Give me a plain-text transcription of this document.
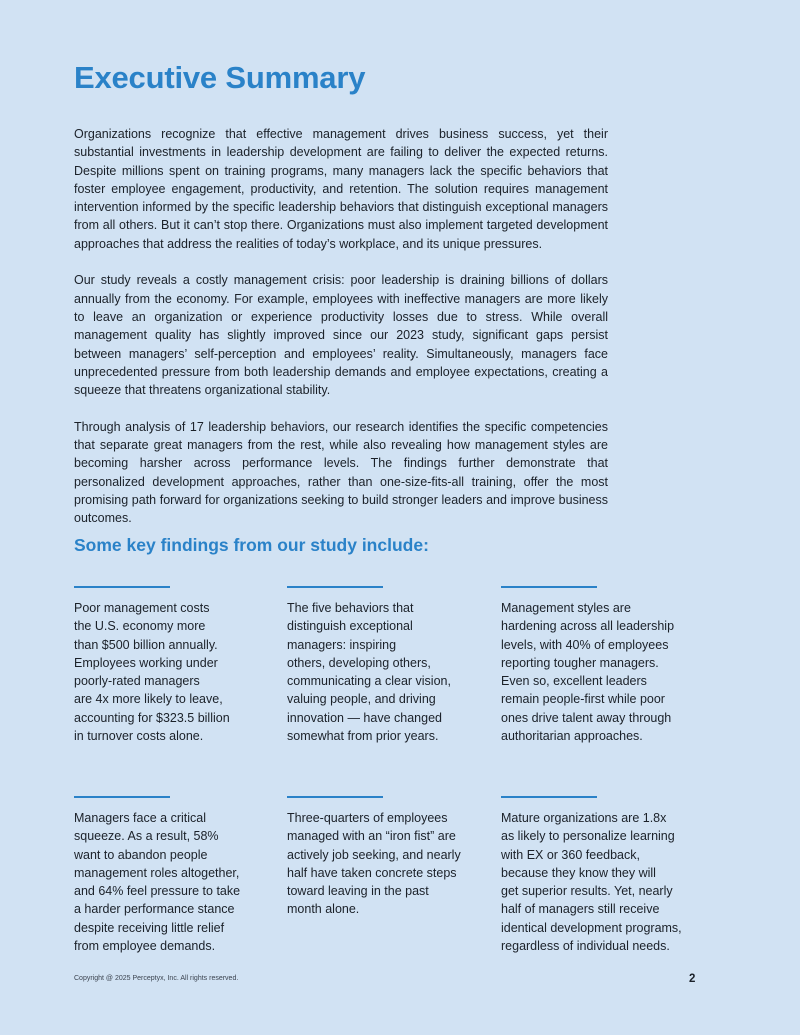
Executive Summary

Organizations recognize that effective management drives business success, yet their substantial investments in leadership development are failing to deliver the expected returns. Despite millions spent on training programs, many managers lack the specific behaviors that foster employee engagement, productivity, and retention. The solution requires management intervention informed by the specific leadership behaviors that distinguish exceptional managers from all others. But it can’t stop there. Organizations must also implement targeted development approaches that address the realities of today’s workplace, and its unique pressures.

Our study reveals a costly management crisis: poor leadership is draining billions of dollars annually from the economy. For example, employees with ineffective managers are more likely to leave an organization or experience productivity losses due to stress. While overall management quality has slightly improved since our 2023 study, significant gaps persist between managers’ self-perception and employees’ reality. Simultaneously, managers face unprecedented pressure from both leadership demands and employee expectations, creating a squeeze that threatens organizational stability.

Through analysis of 17 leadership behaviors, our research identifies the specific competencies that separate great managers from the rest, while also revealing how management styles are becoming harsher across performance levels. The findings further demonstrate that personalized development approaches, rather than one-size-fits-all training, offer the most promising path forward for organizations seeking to build stronger leaders and improve business outcomes.

Some key findings from our study include:
Poor management costs
the U.S. economy more
than $500 billion annually.
Employees working under
poorly-rated managers
are 4x more likely to leave,
accounting for $323.5 billion
in turnover costs alone.
The five behaviors that
distinguish exceptional
managers: inspiring
others, developing others,
communicating a clear vision,
valuing people, and driving
innovation — have changed
somewhat from prior years.
Management styles are
hardening across all leadership
levels, with 40% of employees
reporting tougher managers.
Even so, excellent leaders
remain people-first while poor
ones drive talent away through
authoritarian approaches.
Managers face a critical
squeeze. As a result, 58%
want to abandon people
management roles altogether,
and 64% feel pressure to take
a harder performance stance
despite receiving little relief
from employee demands.
Three-quarters of employees
managed with an “iron fist” are
actively job seeking, and nearly
half have taken concrete steps
toward leaving in the past
month alone.
Mature organizations are 1.8x
as likely to personalize learning
with EX or 360 feedback,
because they know they will
get superior results. Yet, nearly
half of managers still receive
identical development programs,
regardless of individual needs.
Copyright @ 2025 Perceptyx, Inc. All rights reserved.	2
